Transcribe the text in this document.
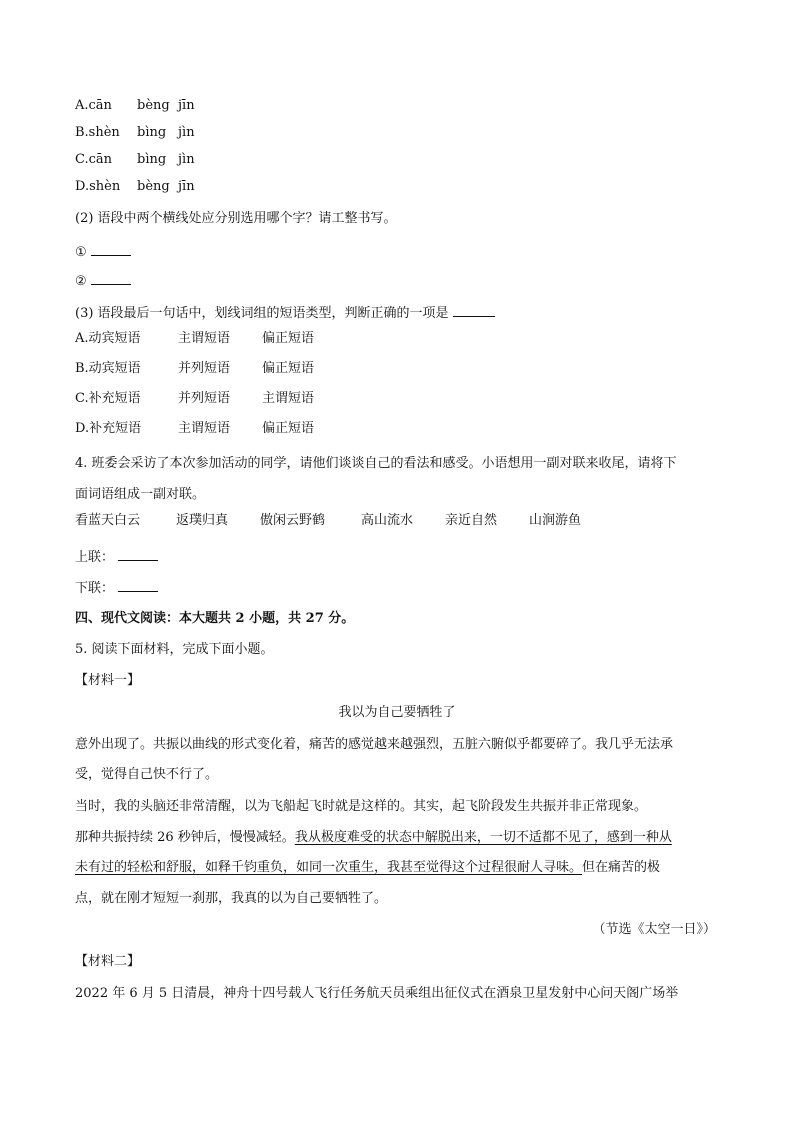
A.cān bèng jīn
B.shèn bìng jìn
C.cān bìng jìn
D.shèn bèng jīn
(2) 语段中两个横线处应分别选用哪个字？请工整书写。
①
②
(3) 语段最后一句话中，划线词组的短语类型，判断正确的一项是
A.动宾短语	主谓短语 偏正短语
B.动宾短语	并列短语 偏正短语
C.补充短语	并列短语 主谓短语
D.补充短语	主谓短语 偏正短语
4. 班委会采访了本次参加活动的同学，请他们谈谈自己的看法和感受。小语想用一副对联来收尾，请将下
面词语组成一副对联。
看蓝天白云	返璞归真 傲闲云野鹤	高山流水 亲近自然 山涧游鱼
上联：
下联：
四、现代文阅读：本大题共 2 小题，共 27 分。
5. 阅读下面材料，完成下面小题。
【材料一】
我以为自己要牺牲了
意外出现了。共振以曲线的形式变化着，痛苦的感觉越来越强烈，五脏六腑似乎都要碎了。我几乎无法承
受，觉得自己快不行了。
当时，我的头脑还非常清醒，以为飞船起飞时就是这样的。其实，起飞阶段发生共振并非正常现象。
那种共振持续 26 秒钟后，慢慢减轻。我从极度难受的状态中解脱出来，一切不适都不见了，感到一种从
未有过的轻松和舒服，如释千钧重负，如同一次重生，我甚至觉得这个过程很耐人寻味。但在痛苦的极
点，就在刚才短短一刹那，我真的以为自己要牺牲了。
（节选《太空一日》）
【材料二】
2022 年 6 月 5 日清晨，神舟十四号载人飞行任务航天员乘组出征仪式在酒泉卫星发射中心问天阁广场举
